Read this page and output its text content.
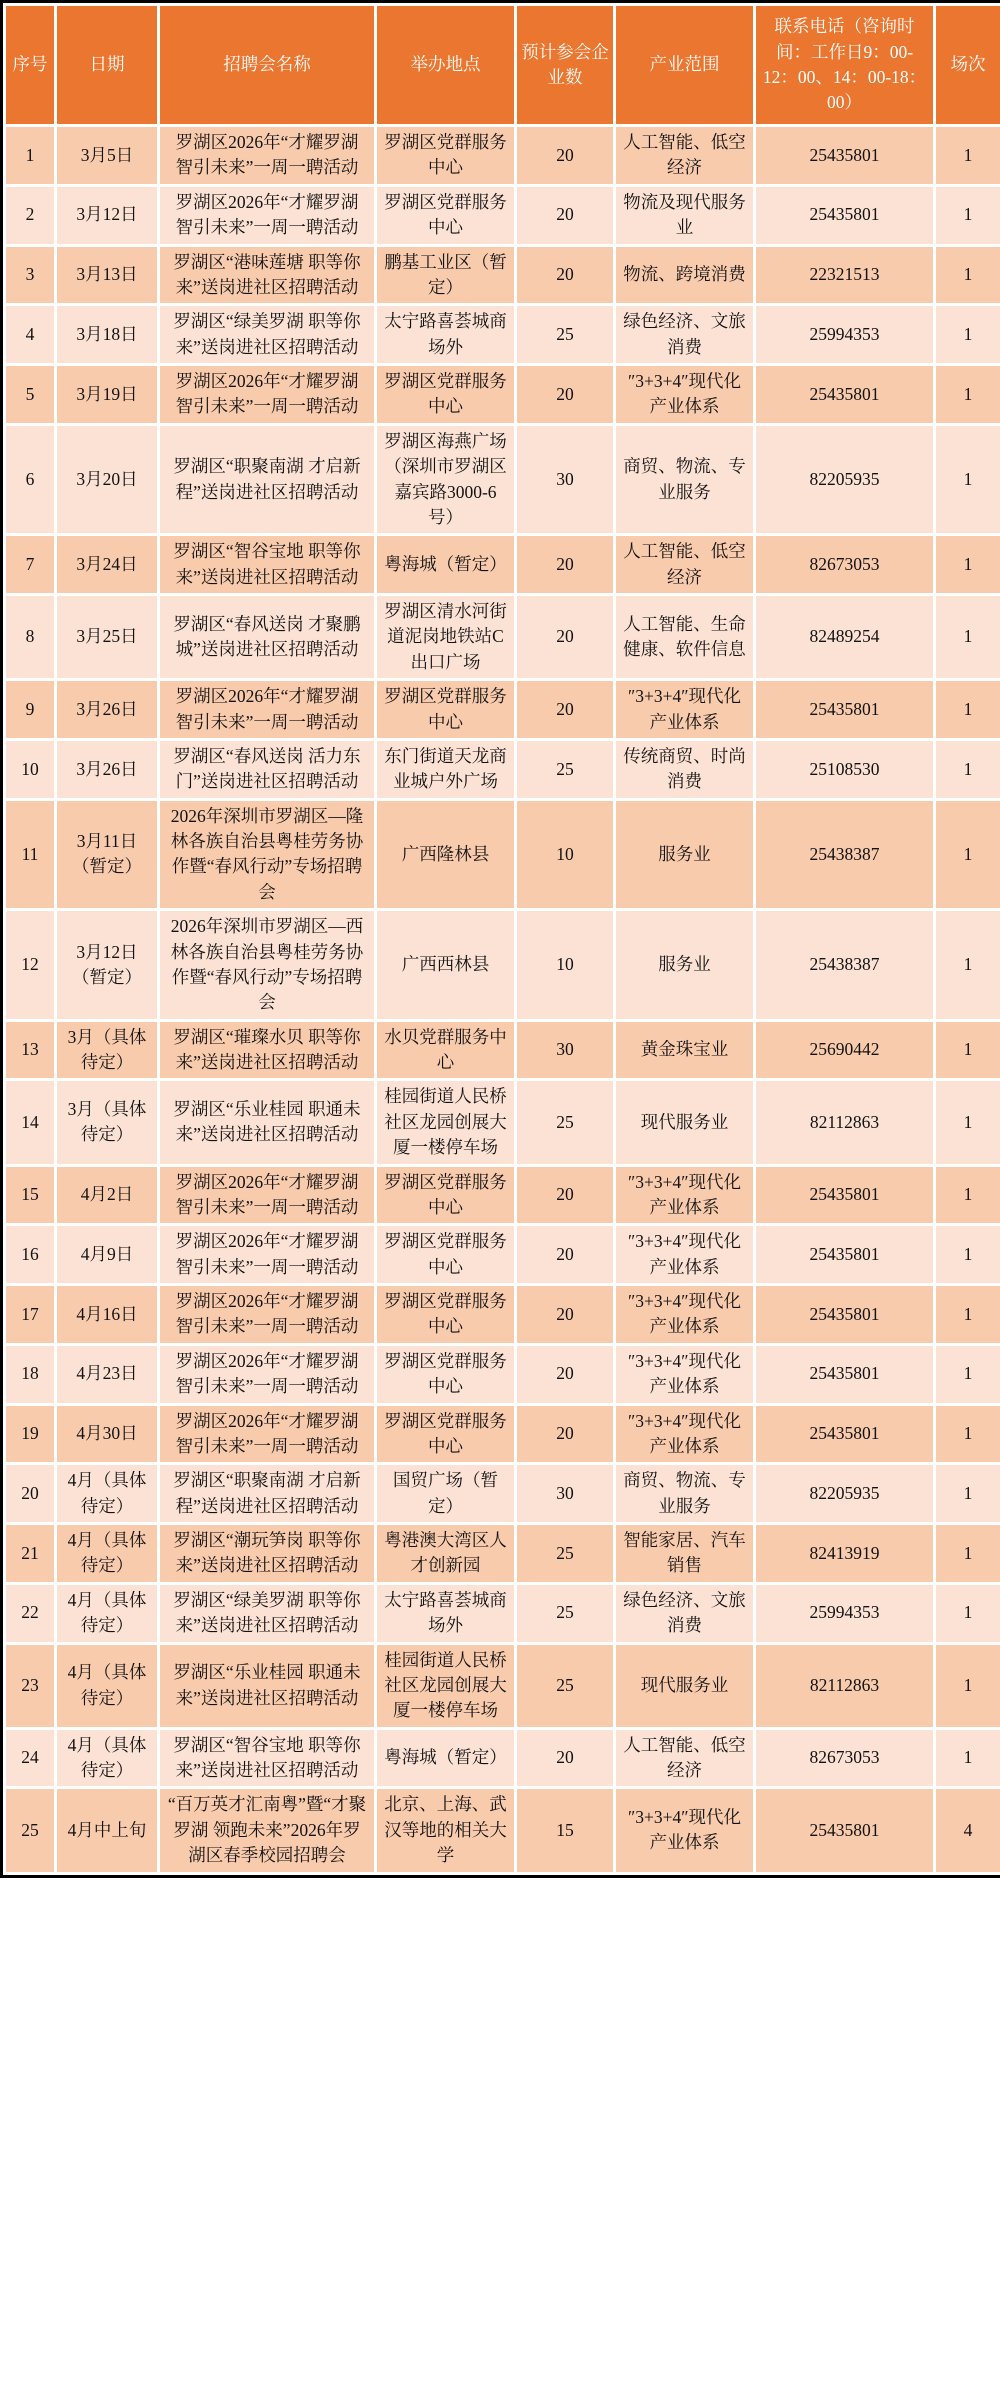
序号	日期	招聘会名称	举办地点	预计参会企业数	产业范围	联系电话（咨询时间：工作日9：00-12：00、14：00-18：00）	场次
1	3月5日	罗湖区2026年“才耀罗湖 智引未来”一周一聘活动	罗湖区党群服务中心	20	人工智能、低空经济	25435801	1
2	3月12日	罗湖区2026年“才耀罗湖 智引未来”一周一聘活动	罗湖区党群服务中心	20	物流及现代服务业	25435801	1
3	3月13日	罗湖区“港味莲塘 职等你来”送岗进社区招聘活动	鹏基工业区（暂定）	20	物流、跨境消费	22321513	1
4	3月18日	罗湖区“绿美罗湖 职等你来”送岗进社区招聘活动	太宁路喜荟城商场外	25	绿色经济、文旅消费	25994353	1
5	3月19日	罗湖区2026年“才耀罗湖 智引未来”一周一聘活动	罗湖区党群服务中心	20	″3+3+4″现代化产业体系	25435801	1
6	3月20日	罗湖区“职聚南湖 才启新程”送岗进社区招聘活动	罗湖区海燕广场（深圳市罗湖区嘉宾路3000-6号）	30	商贸、物流、专业服务	82205935	1
7	3月24日	罗湖区“智谷宝地 职等你来”送岗进社区招聘活动	粤海城（暂定）	20	人工智能、低空经济	82673053	1
8	3月25日	罗湖区“春风送岗 才聚鹏城”送岗进社区招聘活动	罗湖区清水河街道泥岗地铁站C出口广场	20	人工智能、生命健康、软件信息	82489254	1
9	3月26日	罗湖区2026年“才耀罗湖 智引未来”一周一聘活动	罗湖区党群服务中心	20	″3+3+4″现代化产业体系	25435801	1
10	3月26日	罗湖区“春风送岗 活力东门”送岗进社区招聘活动	东门街道天龙商业城户外广场	25	传统商贸、时尚消费	25108530	1
11	3月11日（暂定）	2026年深圳市罗湖区—隆林各族自治县粤桂劳务协作暨“春风行动”专场招聘会	广西隆林县	10	服务业	25438387	1
12	3月12日（暂定）	2026年深圳市罗湖区—西林各族自治县粤桂劳务协作暨“春风行动”专场招聘会	广西西林县	10	服务业	25438387	1
13	3月（具体待定）	罗湖区“璀璨水贝 职等你来”送岗进社区招聘活动	水贝党群服务中心	30	黄金珠宝业	25690442	1
14	3月（具体待定）	罗湖区“乐业桂园 职通未来”送岗进社区招聘活动	桂园街道人民桥社区龙园创展大厦一楼停车场	25	现代服务业	82112863	1
15	4月2日	罗湖区2026年“才耀罗湖 智引未来”一周一聘活动	罗湖区党群服务中心	20	″3+3+4″现代化产业体系	25435801	1
16	4月9日	罗湖区2026年“才耀罗湖 智引未来”一周一聘活动	罗湖区党群服务中心	20	″3+3+4″现代化产业体系	25435801	1
17	4月16日	罗湖区2026年“才耀罗湖 智引未来”一周一聘活动	罗湖区党群服务中心	20	″3+3+4″现代化产业体系	25435801	1
18	4月23日	罗湖区2026年“才耀罗湖 智引未来”一周一聘活动	罗湖区党群服务中心	20	″3+3+4″现代化产业体系	25435801	1
19	4月30日	罗湖区2026年“才耀罗湖 智引未来”一周一聘活动	罗湖区党群服务中心	20	″3+3+4″现代化产业体系	25435801	1
20	4月（具体待定）	罗湖区“职聚南湖 才启新程”送岗进社区招聘活动	国贸广场（暂定）	30	商贸、物流、专业服务	82205935	1
21	4月（具体待定）	罗湖区“潮玩笋岗 职等你来”送岗进社区招聘活动	粤港澳大湾区人才创新园	25	智能家居、汽车销售	82413919	1
22	4月（具体待定）	罗湖区“绿美罗湖 职等你来”送岗进社区招聘活动	太宁路喜荟城商场外	25	绿色经济、文旅消费	25994353	1
23	4月（具体待定）	罗湖区“乐业桂园 职通未来”送岗进社区招聘活动	桂园街道人民桥社区龙园创展大厦一楼停车场	25	现代服务业	82112863	1
24	4月（具体待定）	罗湖区“智谷宝地 职等你来”送岗进社区招聘活动	粤海城（暂定）	20	人工智能、低空经济	82673053	1
25	4月中上旬	“百万英才汇南粤”暨“才聚罗湖 领跑未来”2026年罗湖区春季校园招聘会	北京、上海、武汉等地的相关大学	15	″3+3+4″现代化产业体系	25435801	4
